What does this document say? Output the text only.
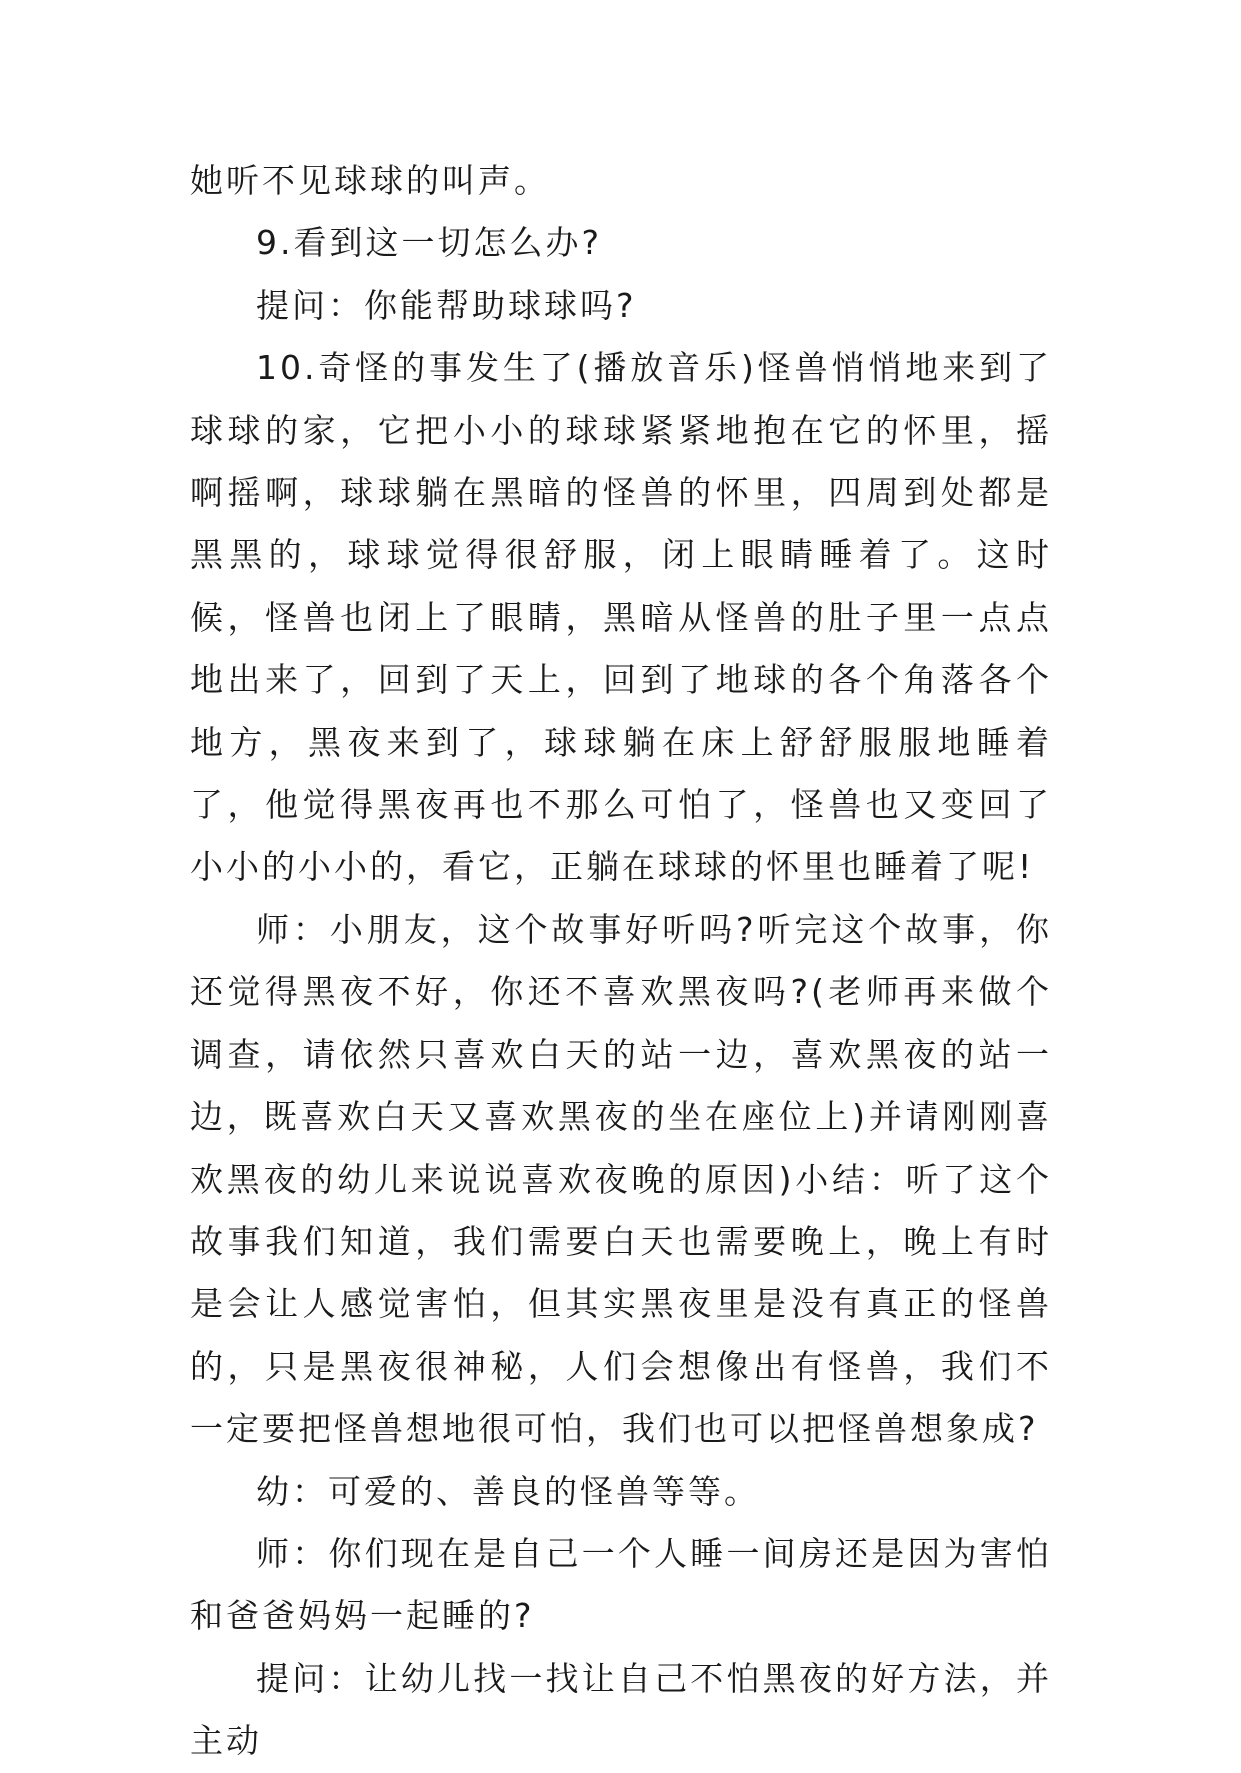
她听不见球球的叫声。

9.看到这一切怎么办?

提问：你能帮助球球吗?

10.奇怪的事发生了(播放音乐)怪兽悄悄地来到了球球的家，它把小小的球球紧紧地抱在它的怀里，摇啊摇啊，球球躺在黑暗的怪兽的怀里，四周到处都是黑黑的，球球觉得很舒服，闭上眼睛睡着了。这时候，怪兽也闭上了眼睛，黑暗从怪兽的肚子里一点点地出来了，回到了天上，回到了地球的各个角落各个地方，黑夜来到了，球球躺在床上舒舒服服地睡着了，他觉得黑夜再也不那么可怕了，怪兽也又变回了小小的小小的，看它，正躺在球球的怀里也睡着了呢!

师：小朋友，这个故事好听吗?听完这个故事，你还觉得黑夜不好，你还不喜欢黑夜吗?(老师再来做个调查，请依然只喜欢白天的站一边，喜欢黑夜的站一边，既喜欢白天又喜欢黑夜的坐在座位上)并请刚刚喜欢黑夜的幼儿来说说喜欢夜晚的原因)小结：听了这个故事我们知道，我们需要白天也需要晚上，晚上有时是会让人感觉害怕，但其实黑夜里是没有真正的怪兽的，只是黑夜很神秘，人们会想像出有怪兽，我们不一定要把怪兽想地很可怕，我们也可以把怪兽想象成?

幼：可爱的、善良的怪兽等等。

师：你们现在是自己一个人睡一间房还是因为害怕和爸爸妈妈一起睡的?

提问：让幼儿找一找让自己不怕黑夜的好方法，并主动
